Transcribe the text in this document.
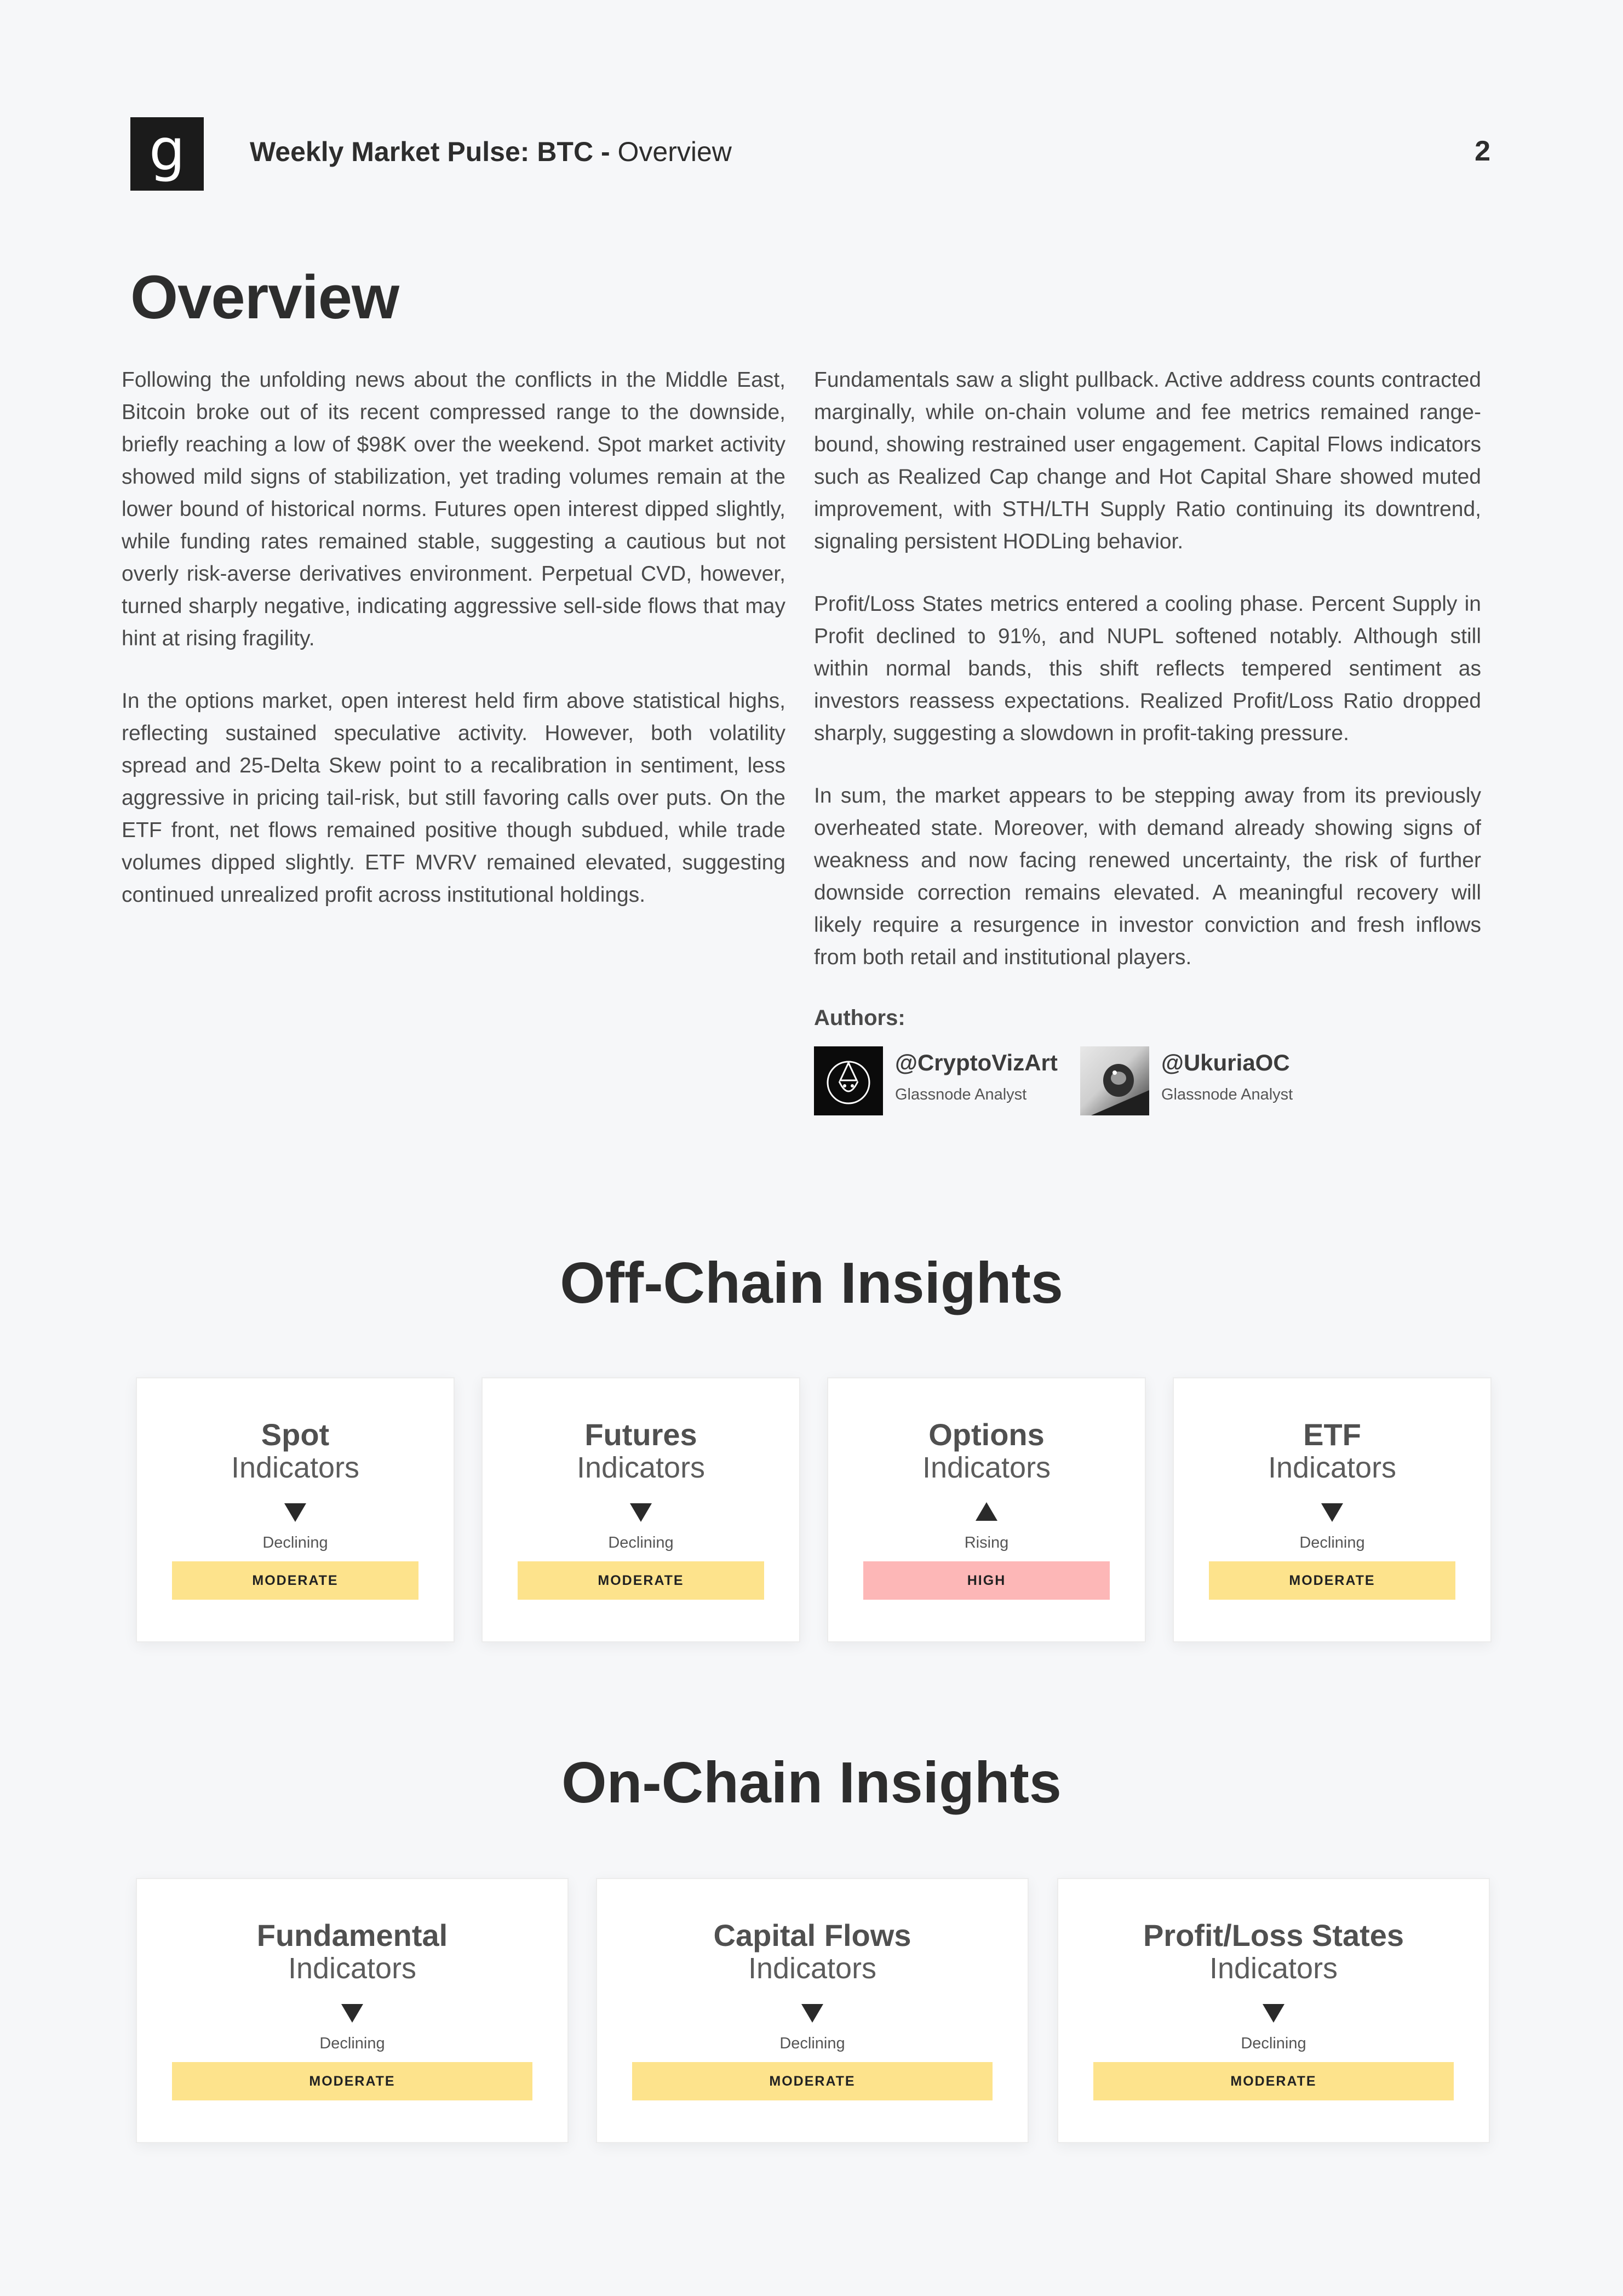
g	Weekly Market Pulse: BTC - Overview	2
Overview

Following the unfolding news about the conflicts in the Middle East, Bitcoin broke out of its recent compressed range to the downside, briefly reaching a low of $98K over the weekend. Spot market activity showed mild signs of stabilization, yet trading volumes remain at the lower bound of historical norms. Futures open interest dipped slightly, while funding rates remained stable, suggesting a cautious but not overly risk-averse derivatives environment. Perpetual CVD, however, turned sharply negative, indicating aggressive sell-side flows that may hint at rising fragility.

In the options market, open interest held firm above statistical highs, reflecting sustained speculative activity. However, both volatility spread and 25-Delta Skew point to a recalibration in sentiment, less aggressive in pricing tail-risk, but still favoring calls over puts. On the ETF front, net flows remained positive though subdued, while trade volumes dipped slightly. ETF MVRV remained elevated, suggesting continued unrealized profit across institutional holdings.

Fundamentals saw a slight pullback. Active address counts contracted marginally, while on-chain volume and fee metrics remained range-bound, showing restrained user engagement. Capital Flows indicators such as Realized Cap change and Hot Capital Share showed muted improvement, with STH/LTH Supply Ratio continuing its downtrend, signaling persistent HODLing behavior.

Profit/Loss States metrics entered a cooling phase. Percent Supply in Profit declined to 91%, and NUPL softened notably. Although still within normal bands, this shift reflects tempered sentiment as investors reassess expectations. Realized Profit/Loss Ratio dropped sharply, suggesting a slowdown in profit-taking pressure.

In sum, the market appears to be stepping away from its previously overheated state. Moreover, with demand already showing signs of weakness and now facing renewed uncertainty, the risk of further downside correction remains elevated. A meaningful recovery will likely require a resurgence in investor conviction and fresh inflows from both retail and institutional players.

Authors:
@CryptoVizArt
Glassnode Analyst
@UkuriaOC
Glassnode Analyst
Off-Chain Insights
Spot
Indicators
Declining
MODERATE
Futures
Indicators
Declining
MODERATE
Options
Indicators
Rising
HIGH
ETF
Indicators
Declining
MODERATE
On-Chain Insights
Fundamental
Indicators
Declining
MODERATE
Capital Flows
Indicators
Declining
MODERATE
Profit/Loss States
Indicators
Declining
MODERATE
